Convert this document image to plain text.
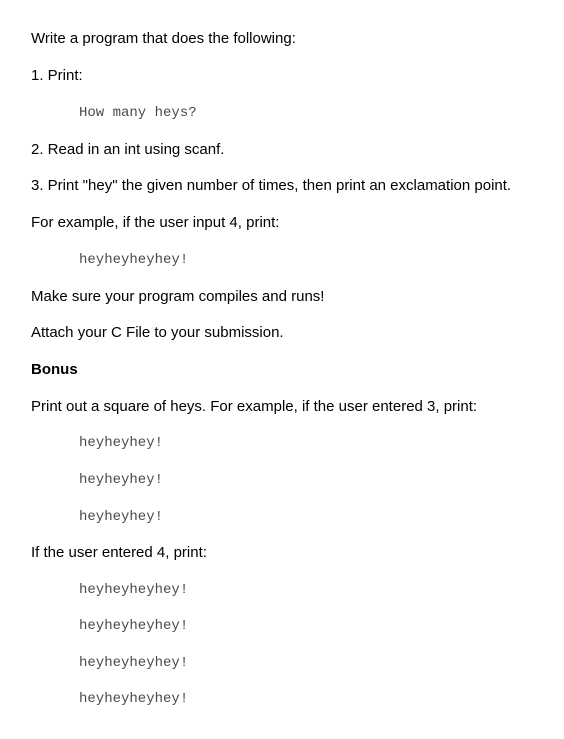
Write a program that does the following:
1. Print:
How many heys?
2. Read in an int using scanf.
3. Print "hey" the given number of times, then print an exclamation point.
For example, if the user input 4, print:
heyheyheyhey!
Make sure your program compiles and runs!
Attach your C File to your submission.
Bonus
Print out a square of heys. For example, if the user entered 3, print:
heyheyhey!
heyheyhey!
heyheyhey!
If the user entered 4, print:
heyheyheyhey!
heyheyheyhey!
heyheyheyhey!
heyheyheyhey!
